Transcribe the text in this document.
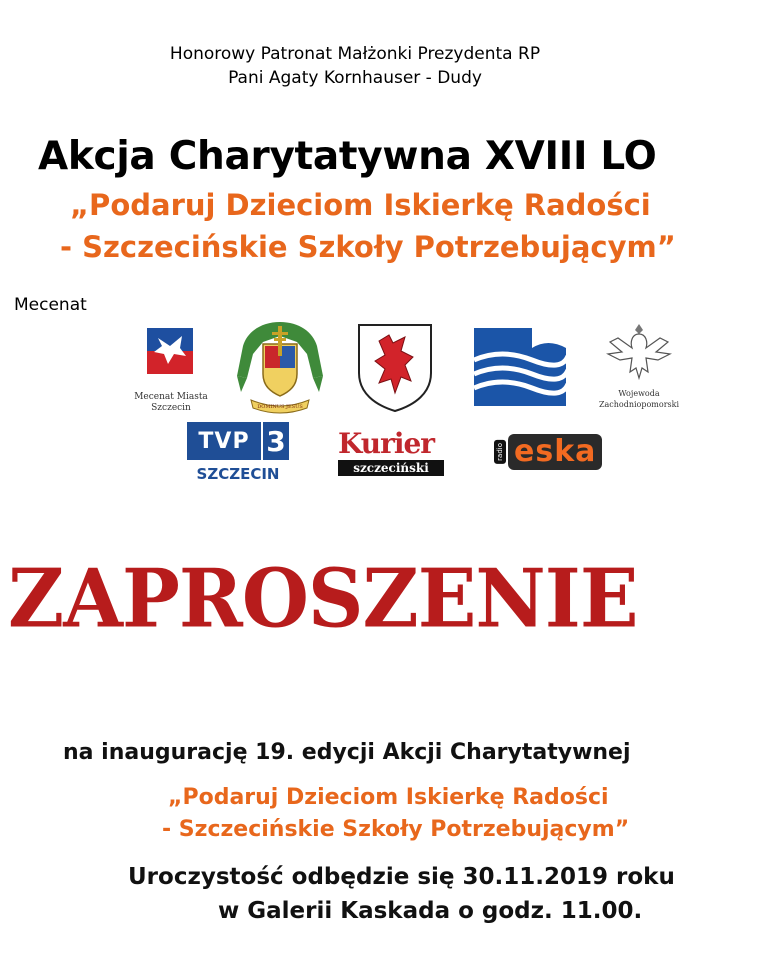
Honorowy Patronat Małżonki Prezydenta RP
Pani Agaty Kornhauser - Dudy
Akcja Charytatywna XVIII LO
„Podaruj Dzieciom Iskierkę Radości
- Szczecińskie Szkoły Potrzebującym”
Mecenat
Mecenat Miasta
Szczecin	DOMINUS JESUS
Wojewoda
Zachodniopomorski
TVP 3
SZCZECIN
Kurier
szczeciński
radio eska
ZAPROSZENIE
na inaugurację 19. edycji Akcji Charytatywnej
„Podaruj Dzieciom Iskierkę Radości
- Szczecińskie Szkoły Potrzebującym”
Uroczystość odbędzie się 30.11.2019 roku
w Galerii Kaskada o godz. 11.00.
